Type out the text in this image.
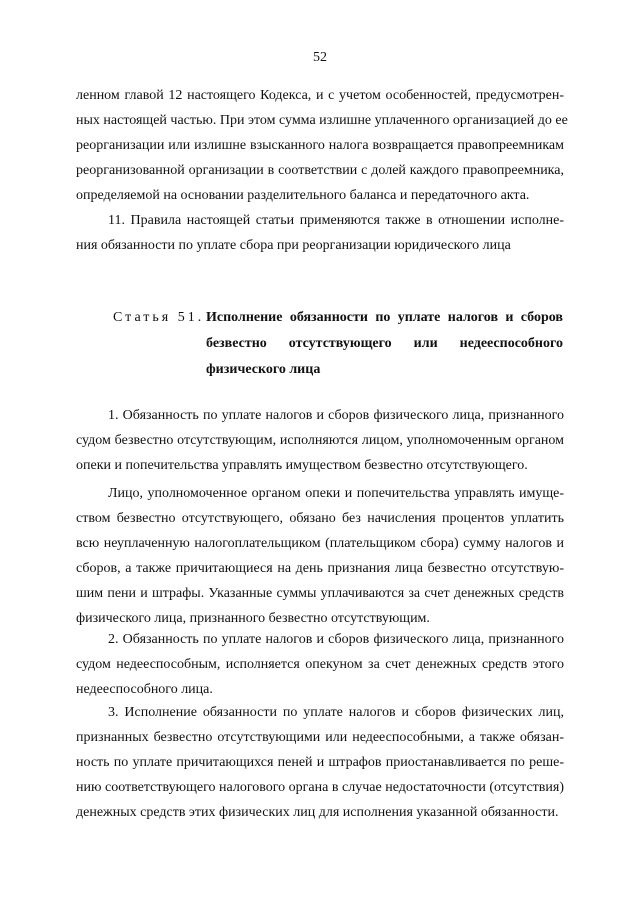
52
ленном главой 12 настоящего Кодекса, и с учетом особенностей, предусмотрен-
ных настоящей частью. При этом сумма излишне уплаченного организацией до ее
реорганизации или излишне взысканного налога возвращается правопреемникам
реорганизованной организации в соответствии с долей каждого правопреемника,
определяемой на основании разделительного баланса и передаточного акта.
11. Правила настоящей статьи применяются также в отношении исполне-
ния обязанности по уплате сбора при реорганизации юридического лица
Статья 51. Исполнение обязанности по уплате налогов и сборов
безвестно отсутствующего или недееспособного
физического лица
1. Обязанность по уплате налогов и сборов физического лица, признанного
судом безвестно отсутствующим, исполняются лицом, уполномоченным органом
опеки и попечительства управлять имуществом безвестно отсутствующего.
Лицо, уполномоченное органом опеки и попечительства управлять имуще-
ством безвестно отсутствующего, обязано без начисления процентов уплатить
всю неуплаченную налогоплательщиком (плательщиком сбора) сумму налогов и
сборов, а также причитающиеся на день признания лица безвестно отсутствую-
шим пени и штрафы. Указанные суммы уплачиваются за счет денежных средств
физического лица, признанного безвестно отсутствующим.
2. Обязанность по уплате налогов и сборов физического лица, признанного
судом недееспособным, исполняется опекуном за счет денежных средств этого
недееспособного лица.
3. Исполнение обязанности по уплате налогов и сборов физических лиц,
признанных безвестно отсутствующими или недееспособными, а также обязан-
ность по уплате причитающихся пеней и штрафов приостанавливается по реше-
нию соответствующего налогового органа в случае недостаточности (отсутствия)
денежных средств этих физических лиц для исполнения указанной обязанности.
